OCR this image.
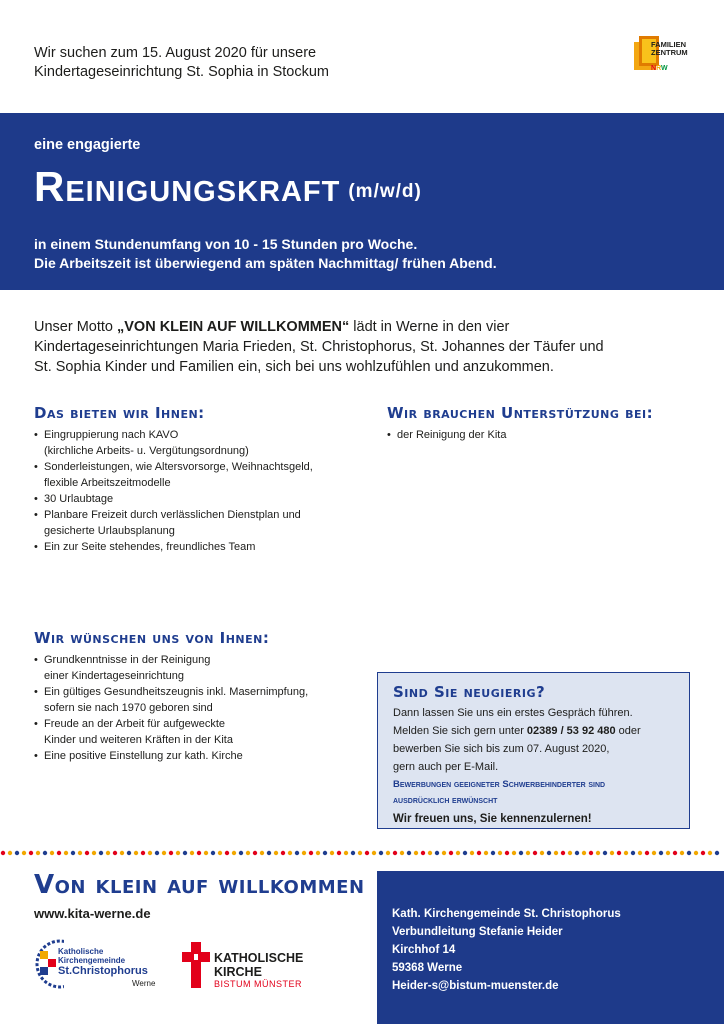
Wir suchen zum 15. August 2020 für unsere
Kindertageseinrichtung St. Sophia in Stockum
FAMILIEN
ZENTRUM
NRW
eine engagierte
Reinigungskraft (m/w/d)
in einem Stundenumfang von 10 - 15 Stunden pro Woche.
Die Arbeitszeit ist überwiegend am späten Nachmittag/ frühen Abend.
Unser Motto „VON KLEIN AUF WILLKOMMEN“ lädt in Werne in den vier
Kindertageseinrichtungen Maria Frieden, St. Christophorus, St. Johannes der Täufer und
St. Sophia Kinder und Familien ein, sich bei uns wohlzufühlen und anzukommen.
Das bieten wir Ihnen:
• Eingruppierung nach KAVO
(kirchliche Arbeits- u. Vergütungsordnung)
• Sonderleistungen, wie Altersvorsorge, Weihnachtsgeld,
flexible Arbeitszeitmodelle
• 30 Urlaubtage
• Planbare Freizeit durch verlässlichen Dienstplan und
gesicherte Urlaubsplanung
• Ein zur Seite stehendes, freundliches Team
Wir brauchen Unterstützung bei:
• der Reinigung der Kita
Wir wünschen uns von Ihnen:
• Grundkenntnisse in der Reinigung
einer Kindertageseinrichtung
• Ein gültiges Gesundheitszeugnis inkl. Masernimpfung,
sofern sie nach 1970 geboren sind
• Freude an der Arbeit für aufgeweckte
Kinder und weiteren Kräften in der Kita
• Eine positive Einstellung zur kath. Kirche
Sind Sie neugierig?
Dann lassen Sie uns ein erstes Gespräch führen.
Melden Sie sich gern unter 02389 / 53 92 480 oder
bewerben Sie sich bis zum 07. August 2020,
gern auch per E-Mail.
Bewerbungen geeigneter Schwerbehinderter sind
ausdrücklich erwünscht
Wir freuen uns, Sie kennenzulernen!
Von klein auf willkommen
www.kita-werne.de
Katholische
Kirchengemeinde
St.Christophorus
Werne
KATHOLISCHE
KIRCHE
BISTUM MÜNSTER
Kath. Kirchengemeinde St. Christophorus
Verbundleitung Stefanie Heider
Kirchhof 14
59368 Werne
Heider-s@bistum-muenster.de
